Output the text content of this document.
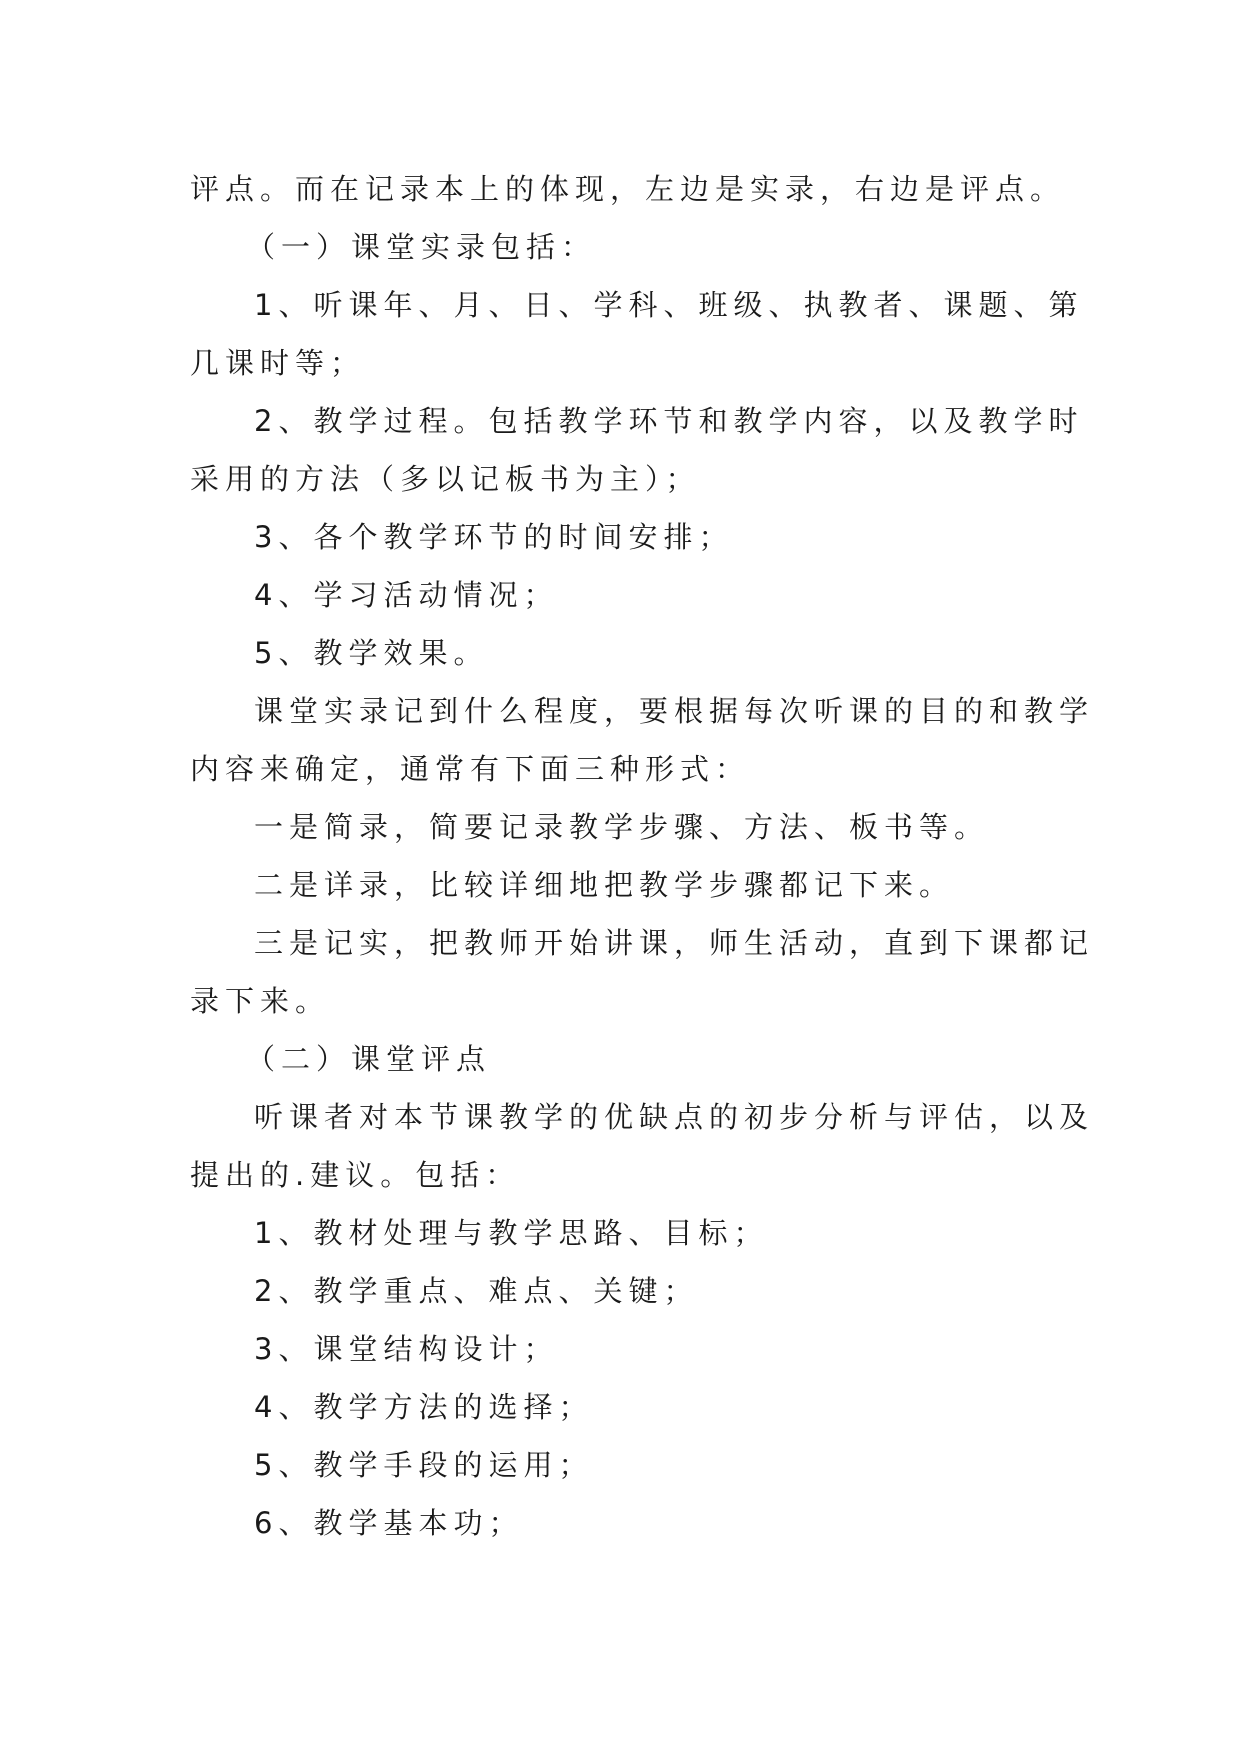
评点。而在记录本上的体现，左边是实录，右边是评点。

（一）课堂实录包括：

1、听课年、月、日、学科、班级、执教者、课题、第

几课时等；

2、教学过程。包括教学环节和教学内容，以及教学时

采用的方法（多以记板书为主）；

3、各个教学环节的时间安排；

4、学习活动情况；

5、教学效果。

课堂实录记到什么程度，要根据每次听课的目的和教学

内容来确定，通常有下面三种形式：

一是简录，简要记录教学步骤、方法、板书等。

二是详录，比较详细地把教学步骤都记下来。

三是记实，把教师开始讲课，师生活动，直到下课都记

录下来。

（二）课堂评点

听课者对本节课教学的优缺点的初步分析与评估，以及

提出的.建议。包括：

1、教材处理与教学思路、目标；

2、教学重点、难点、关键；

3、课堂结构设计；

4、教学方法的选择；

5、教学手段的运用；

6、教学基本功；
